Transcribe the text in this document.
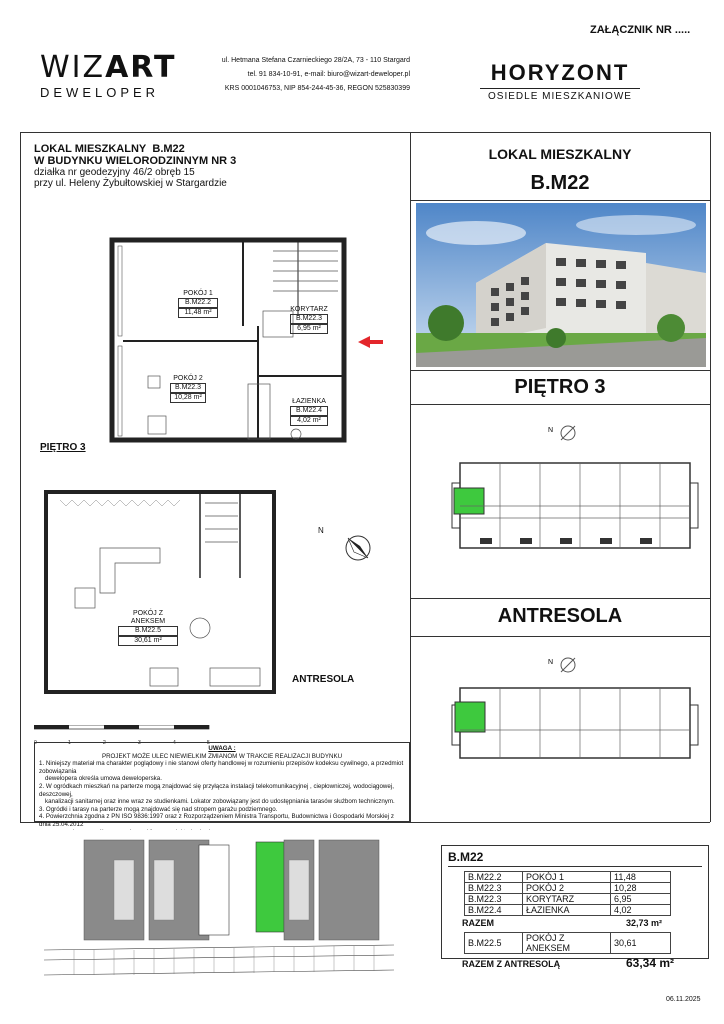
ZAŁĄCZNIK NR .....
WIZART
DEWELOPER
ul. Hetmana Stefana Czarnieckiego 28/2A, 73 - 110 Stargard
tel. 91 834-10-91, e-mail: biuro@wizart-deweloper.pl
KRS 0001046753, NIP 854-244-45-36, REGON 525830399
HORYZONT
OSIEDLE MIESZKANIOWE
LOKAL MIESZKALNY B.M22
W BUDYNKU WIELORODZINNYM NR 3
działka nr geodezyjny 46/2 obręb 15
przy ul. Heleny Żybułtowskiej w Stargardzie
LOKAL MIESZKALNY
B.M22
PIĘTRO 3
N
ANTRESOLA
N
POKÓJ 1
B.M22.2
11,48 m²	KORYTARZ
B.M22.3
6,95 m²
POKÓJ 2
B.M22.3
10,28 m²
ŁAZIENKA
B.M22.4
4,02 m²
PIĘTRO 3
POKÓJ Z ANEKSEM
B.M22.5
30,61 m²
N
ANTRESOLA
0	1	2	3	4	5
UWAGA :
PROJEKT MOŻE ULEC NIEWIELKIM ZMIANOM W TRAKCIE REALIZACJI BUDYNKU
1. Niniejszy materiał ma charakter poglądowy i nie stanowi oferty handlowej w rozumieniu przepisów kodeksu cywilnego, a przedmiot zobowiązania
dewelopera określa umowa deweloperska.
2. W ogródkach mieszkań na parterze mogą znajdować się przyłącza instalacji telekomunikacyjnej , ciepłowniczej, wodociągowej, deszczowej,
kanalizacji sanitarnej oraz inne wraz ze studienkami. Lokator zobowiązany jest do udostępniania tarasów służbom technicznym.
3. Ogródki i tarasy na parterze mogą znajdować się nad stropem garażu podziemnego.
4. Powierzchnia zgodna z PN ISO 9836:1997 oraz z Rozporządzeniem Ministra Transportu, Budownictwa i Gospodarki Morskiej z dnia 25.04.2012
B.M22
B.M22.2	POKÓJ 1	11,48
B.M22.3	POKÓJ 2	10,28
B.M22.3	KORYTARZ	6,95
B.M22.4	ŁAZIENKA	4,02
RAZEM	32,73 m²
B.M22.5	POKÓJ Z ANEKSEM	30,61
RAZEM Z ANTRESOLĄ	63,34 m²
06.11.2025
